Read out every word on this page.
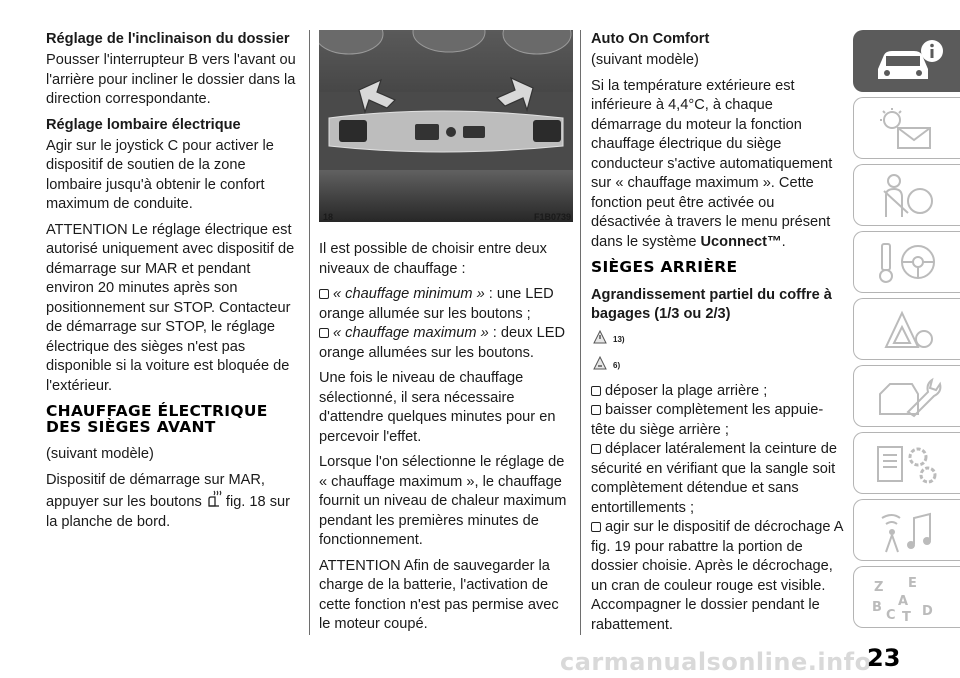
Réglage de l'inclinaison du dossier

Pousser l'interrupteur B vers l'avant ou l'arrière pour incliner le dossier dans la direction correspondante.

Réglage lombaire électrique

Agir sur le joystick C pour activer le dispositif de soutien de la zone lombaire jusqu'à obtenir le confort maximum de conduite.

ATTENTION Le réglage électrique est autorisé uniquement avec dispositif de démarrage sur MAR et pendant environ 20 minutes après son positionnement sur STOP. Contacteur de démarrage sur STOP, le réglage électrique des sièges n'est pas disponible si la voiture est bloquée de l'extérieur.

CHAUFFAGE ÉLECTRIQUE DES SIÈGES AVANT

(suivant modèle)

Dispositif de démarrage sur MAR, appuyer sur les boutons fig. 18 sur la planche de bord.

18	F1B0739

Il est possible de choisir entre deux niveaux de chauffage :

« chauffage minimum » : une LED orange allumée sur les boutons ;

« chauffage maximum » : deux LED orange allumées sur les boutons.

Une fois le niveau de chauffage sélectionné, il sera nécessaire d'attendre quelques minutes pour en percevoir l'effet.

Lorsque l'on sélectionne le réglage de « chauffage maximum », le chauffage fournit un niveau de chaleur maximum pendant les premières minutes de fonctionnement.

ATTENTION Afin de sauvegarder la charge de la batterie, l'activation de cette fonction n'est pas permise avec le moteur coupé.

Auto On Comfort

(suivant modèle)

Si la température extérieure est inférieure à 4,4°C, à chaque démarrage du moteur la fonction chauffage électrique du siège conducteur s'active automatiquement sur « chauffage maximum ». Cette fonction peut être activée ou désactivée à travers le menu présent dans le système Uconnect™.

SIÈGES ARRIÈRE
Agrandissement partiel du coffre à bagages (1/3 ou 2/3)
13)
6)

déposer la plage arrière ;

baisser complètement les appuie-tête du siège arrière ;

déplacer latéralement la ceinture de sécurité en vérifiant que la sangle soit complètement détendue et sans entortillements ;

agir sur le dispositif de décrochage A fig. 19 pour rabattre la portion de dossier choisie. Après le décrochage, un cran de couleur rouge est visible. Accompagner le dossier pendant le rabattement.

Z E
B A
C T D
carmanualsonline.info
23
